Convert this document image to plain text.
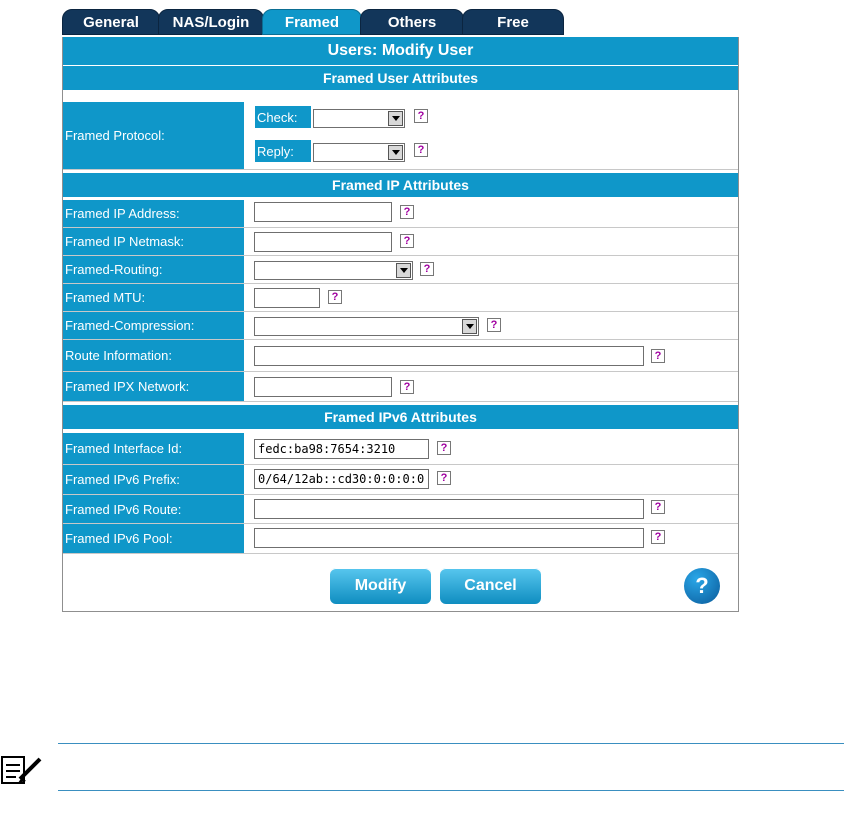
General	NAS/Login	Framed	Others	Free
Users: Modify User
Framed User Attributes
Framed Protocol:
Check:	?
Reply:	?
Framed IP Attributes
Framed IP Address:	?
Framed IP Netmask:	?
Framed-Routing:	?
Framed MTU:	?
Framed-Compression:	?
Route Information:	?
Framed IPX Network:	?
Framed IPv6 Attributes
Framed Interface Id:
fedc:ba98:7654:3210	?
Framed IPv6 Prefix:
0/64/12ab::cd30:0:0:0:0	?
Framed IPv6 Route:	?
Framed IPv6 Pool:	?
Modify	Cancel	?
